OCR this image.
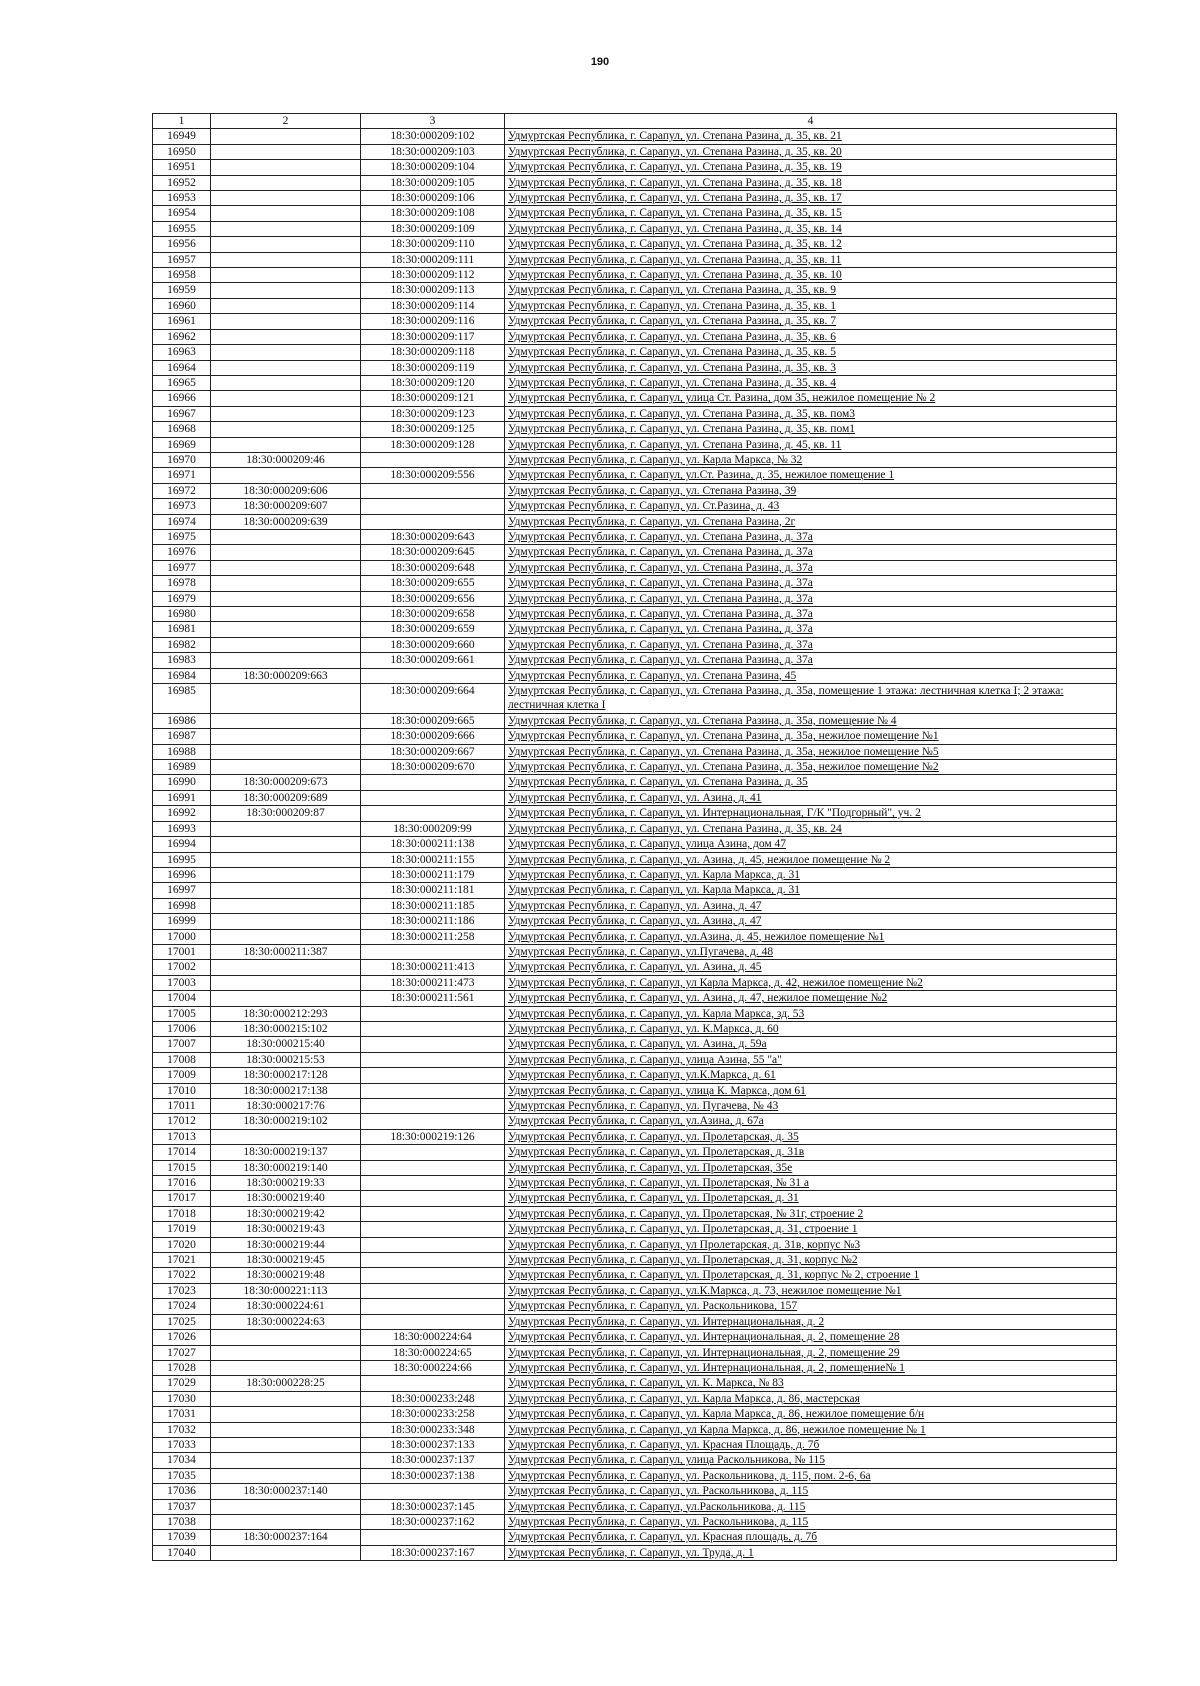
190
1	2	3	4
16949		18:30:000209:102	Удмуртская Республика, г. Сарапул, ул. Степана Разина, д. 35, кв. 21
16950		18:30:000209:103	Удмуртская Республика, г. Сарапул, ул. Степана Разина, д. 35, кв. 20
16951		18:30:000209:104	Удмуртская Республика, г. Сарапул, ул. Степана Разина, д. 35, кв. 19
16952		18:30:000209:105	Удмуртская Республика, г. Сарапул, ул. Степана Разина, д. 35, кв. 18
16953		18:30:000209:106	Удмуртская Республика, г. Сарапул, ул. Степана Разина, д. 35, кв. 17
16954		18:30:000209:108	Удмуртская Республика, г. Сарапул, ул. Степана Разина, д. 35, кв. 15
16955		18:30:000209:109	Удмуртская Республика, г. Сарапул, ул. Степана Разина, д. 35, кв. 14
16956		18:30:000209:110	Удмуртская Республика, г. Сарапул, ул. Степана Разина, д. 35, кв. 12
16957		18:30:000209:111	Удмуртская Республика, г. Сарапул, ул. Степана Разина, д. 35, кв. 11
16958		18:30:000209:112	Удмуртская Республика, г. Сарапул, ул. Степана Разина, д. 35, кв. 10
16959		18:30:000209:113	Удмуртская Республика, г. Сарапул, ул. Степана Разина, д. 35, кв. 9
16960		18:30:000209:114	Удмуртская Республика, г. Сарапул, ул. Степана Разина, д. 35, кв. 1
16961		18:30:000209:116	Удмуртская Республика, г. Сарапул, ул. Степана Разина, д. 35, кв. 7
16962		18:30:000209:117	Удмуртская Республика, г. Сарапул, ул. Степана Разина, д. 35, кв. 6
16963		18:30:000209:118	Удмуртская Республика, г. Сарапул, ул. Степана Разина, д. 35, кв. 5
16964		18:30:000209:119	Удмуртская Республика, г. Сарапул, ул. Степана Разина, д. 35, кв. 3
16965		18:30:000209:120	Удмуртская Республика, г. Сарапул, ул. Степана Разина, д. 35, кв. 4
16966		18:30:000209:121	Удмуртская Республика, г. Сарапул, улица Ст. Разина, дом 35, нежилое помещение № 2
16967		18:30:000209:123	Удмуртская Республика, г. Сарапул, ул. Степана Разина, д. 35, кв. пом3
16968		18:30:000209:125	Удмуртская Республика, г. Сарапул, ул. Степана Разина, д. 35, кв. пом1
16969		18:30:000209:128	Удмуртская Республика, г. Сарапул, ул. Степана Разина, д. 45, кв. 11
16970	18:30:000209:46		Удмуртская Республика, г. Сарапул, ул. Карла Маркса, № 32
16971		18:30:000209:556	Удмуртская Республика, г. Сарапул, ул.Ст. Разина, д. 35, нежилое помещение 1
16972	18:30:000209:606		Удмуртская Республика, г. Сарапул, ул. Степана Разина, 39
16973	18:30:000209:607		Удмуртская Республика, г. Сарапул, ул. Ст.Разина, д. 43
16974	18:30:000209:639		Удмуртская Республика, г. Сарапул, ул. Степана Разина, 2г
16975		18:30:000209:643	Удмуртская Республика, г. Сарапул, ул. Степана Разина, д. 37а
16976		18:30:000209:645	Удмуртская Республика, г. Сарапул, ул. Степана Разина, д. 37а
16977		18:30:000209:648	Удмуртская Республика, г. Сарапул, ул. Степана Разина, д. 37а
16978		18:30:000209:655	Удмуртская Республика, г. Сарапул, ул. Степана Разина, д. 37а
16979		18:30:000209:656	Удмуртская Республика, г. Сарапул, ул. Степана Разина, д. 37а
16980		18:30:000209:658	Удмуртская Республика, г. Сарапул, ул. Степана Разина, д. 37а
16981		18:30:000209:659	Удмуртская Республика, г. Сарапул, ул. Степана Разина, д. 37а
16982		18:30:000209:660	Удмуртская Республика, г. Сарапул, ул. Степана Разина, д. 37а
16983		18:30:000209:661	Удмуртская Республика, г. Сарапул, ул. Степана Разина, д. 37а
16984	18:30:000209:663		Удмуртская Республика, г. Сарапул, ул. Степана Разина, 45
16985		18:30:000209:664	Удмуртская Республика, г. Сарапул, ул. Степана Разина, д. 35а, помещение 1 этажа: лестничная клетка I; 2 этажа: лестничная клетка I
16986		18:30:000209:665	Удмуртская Республика, г. Сарапул, ул. Степана Разина, д. 35а, помещение № 4
16987		18:30:000209:666	Удмуртская Республика, г. Сарапул, ул. Степана Разина, д. 35а, нежилое помещение №1
16988		18:30:000209:667	Удмуртская Республика, г. Сарапул, ул. Степана Разина, д. 35а, нежилое помещение №5
16989		18:30:000209:670	Удмуртская Республика, г. Сарапул, ул. Степана Разина, д. 35а, нежилое помещение №2
16990	18:30:000209:673		Удмуртская Республика, г. Сарапул, ул. Степана Разина, д. 35
16991	18:30:000209:689		Удмуртская Республика, г. Сарапул, ул. Азина, д. 41
16992	18:30:000209:87		Удмуртская Республика, г. Сарапул, ул. Интернациональная, Г/К "Подгорный", уч. 2
16993		18:30:000209:99	Удмуртская Республика, г. Сарапул, ул. Степана Разина, д. 35, кв. 24
16994		18:30:000211:138	Удмуртская Республика, г. Сарапул, улица Азина, дом 47
16995		18:30:000211:155	Удмуртская Республика, г. Сарапул, ул. Азина, д. 45, нежилое помещение № 2
16996		18:30:000211:179	Удмуртская Республика, г. Сарапул, ул. Карла Маркса, д. 31
16997		18:30:000211:181	Удмуртская Республика, г. Сарапул, ул. Карла Маркса, д. 31
16998		18:30:000211:185	Удмуртская Республика, г. Сарапул, ул. Азина, д. 47
16999		18:30:000211:186	Удмуртская Республика, г. Сарапул, ул. Азина, д. 47
17000		18:30:000211:258	Удмуртская Республика, г. Сарапул, ул.Азина, д. 45, нежилое помещение №1
17001	18:30:000211:387		Удмуртская Республика, г. Сарапул, ул.Пугачева, д. 48
17002		18:30:000211:413	Удмуртская Республика, г. Сарапул, ул. Азина, д. 45
17003		18:30:000211:473	Удмуртская Республика, г. Сарапул, ул Карла Маркса, д. 42, нежилое помещение №2
17004		18:30:000211:561	Удмуртская Республика, г. Сарапул, ул. Азина, д. 47, нежилое помещение №2
17005	18:30:000212:293		Удмуртская Республика, г. Сарапул, ул. Карла Маркса, зд. 53
17006	18:30:000215:102		Удмуртская Республика, г. Сарапул, ул. К.Маркса, д. 60
17007	18:30:000215:40		Удмуртская Республика, г. Сарапул, ул. Азина, д. 59а
17008	18:30:000215:53		Удмуртская Республика, г. Сарапул, улица Азина, 55 "а"
17009	18:30:000217:128		Удмуртская Республика, г. Сарапул, ул.К.Маркса, д. 61
17010	18:30:000217:138		Удмуртская Республика, г. Сарапул, улица К. Маркса, дом 61
17011	18:30:000217:76		Удмуртская Республика, г. Сарапул, ул. Пугачева, № 43
17012	18:30:000219:102		Удмуртская Республика, г. Сарапул, ул.Азина, д. 67а
17013		18:30:000219:126	Удмуртская Республика, г. Сарапул, ул. Пролетарская, д. 35
17014	18:30:000219:137		Удмуртская Республика, г. Сарапул, ул. Пролетарская, д. 31в
17015	18:30:000219:140		Удмуртская Республика, г. Сарапул, ул. Пролетарская, 35е
17016	18:30:000219:33		Удмуртская Республика, г. Сарапул, ул. Пролетарская, № 31 а
17017	18:30:000219:40		Удмуртская Республика, г. Сарапул, ул. Пролетарская, д. 31
17018	18:30:000219:42		Удмуртская Республика, г. Сарапул, ул. Пролетарская, № 31г, строение 2
17019	18:30:000219:43		Удмуртская Республика, г. Сарапул, ул. Пролетарская, д. 31, строение 1
17020	18:30:000219:44		Удмуртская Республика, г. Сарапул, ул Пролетарская, д. 31в, корпус №3
17021	18:30:000219:45		Удмуртская Республика, г. Сарапул, ул. Пролетарская, д. 31, корпус №2
17022	18:30:000219:48		Удмуртская Республика, г. Сарапул, ул. Пролетарская, д. 31, корпус № 2, строение 1
17023	18:30:000221:113		Удмуртская Республика, г. Сарапул, ул.К.Маркса, д. 73, нежилое помещение №1
17024	18:30:000224:61		Удмуртская Республика, г. Сарапул, ул. Раскольникова, 157
17025	18:30:000224:63		Удмуртская Республика, г. Сарапул, ул. Интернациональная, д. 2
17026		18:30:000224:64	Удмуртская Республика, г. Сарапул, ул. Интернациональная, д. 2, помещение 28
17027		18:30:000224:65	Удмуртская Республика, г. Сарапул, ул. Интернациональная, д. 2, помещение 29
17028		18:30:000224:66	Удмуртская Республика, г. Сарапул, ул. Интернациональная, д. 2, помещение№ 1
17029	18:30:000228:25		Удмуртская Республика, г. Сарапул, ул. К. Маркса, № 83
17030		18:30:000233:248	Удмуртская Республика, г. Сарапул, ул. Карла Маркса, д. 86, мастерская
17031		18:30:000233:258	Удмуртская Республика, г. Сарапул, ул. Карла Маркса, д. 86, нежилое помещение б/н
17032		18:30:000233:348	Удмуртская Республика, г. Сарапул, ул Карла Маркса, д. 86, нежилое помещение № 1
17033		18:30:000237:133	Удмуртская Республика, г. Сарапул, ул. Красная Площадь, д. 7б
17034		18:30:000237:137	Удмуртская Республика, г. Сарапул, улица Раскольникова, № 115
17035		18:30:000237:138	Удмуртская Республика, г. Сарапул, ул. Раскольникова, д. 115, пом. 2-6, 6а
17036	18:30:000237:140		Удмуртская Республика, г. Сарапул, ул. Раскольникова, д. 115
17037		18:30:000237:145	Удмуртская Республика, г. Сарапул, ул.Раскольникова, д. 115
17038		18:30:000237:162	Удмуртская Республика, г. Сарапул, ул. Раскольникова, д. 115
17039	18:30:000237:164		Удмуртская Республика, г. Сарапул, ул. Красная площадь, д. 7б
17040		18:30:000237:167	Удмуртская Республика, г. Сарапул, ул. Труда, д. 1
